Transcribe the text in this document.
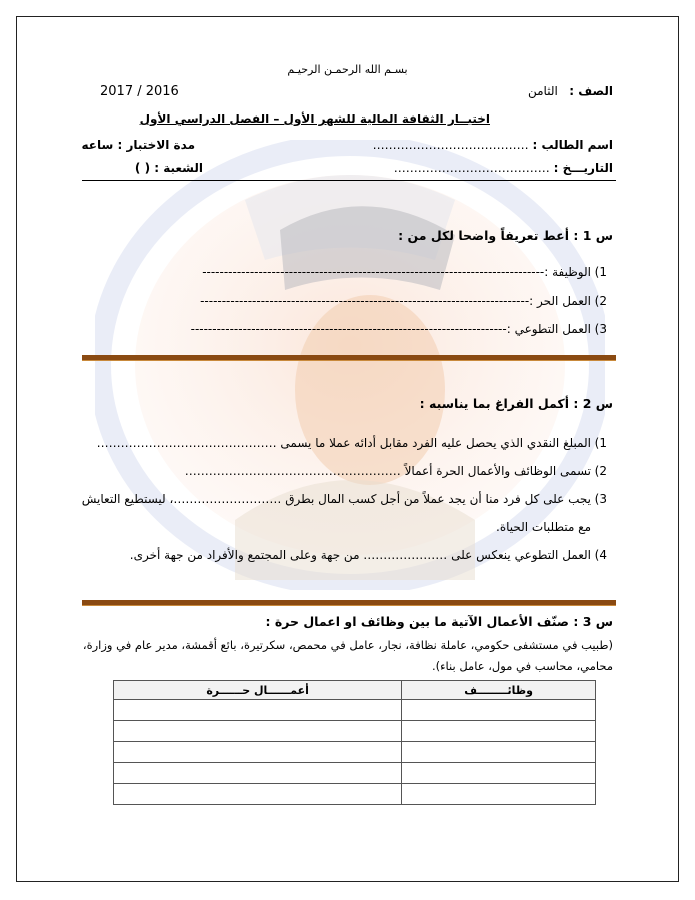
بسـم الله الرحمـن الرحيـم
الصف :   الثامن
2017 / 2016
اختبــار الثقافة المالية للشهر الأول – الفصل الدراسي الأول
اسم الطالب : …………………………………
مدة الاختبار : ساعه
التاريـــخ : …………………………………
الشعبة : ( )
س 1 : أعط تعريفاً واضحا لكل من :
1)الوظيفة :-------------------------------------------------------------------------------
2)العمل الحر :----------------------------------------------------------------------------
3)العمل التطوعي :-------------------------------------------------------------------------
س 2 : أكمل الفراغ بما يناسبه :
1)المبلغ النقدي الذي يحصل عليه الفرد مقابل أدائه عملا ما يسمى ………………………………………
2)تسمى الوظائف والأعمال الحرة أعمالاً ………………………………………………
3)يجب على كل فرد منا أن يجد عملاً من أجل كسب المال بطرق ………………………، ليستطيع التعايش
مع متطلبات الحياة.
4)العمل التطوعي ينعكس على ………………… من جهة وعلى المجتمع والأفراد من جهة أخرى.
س 3 : صنّف الأعمال الآتية ما بين وظائف او اعمال حرة :
(طبيب في مستشفى حكومي، عاملة نظافة، نجار، عامل في محمص، سكرتيرة، بائع أقمشة، مدير عام في وزارة،
محامي، محاسب في مول، عامل بناء).
وظائــــــــف	أعمــــــال حــــــرة
